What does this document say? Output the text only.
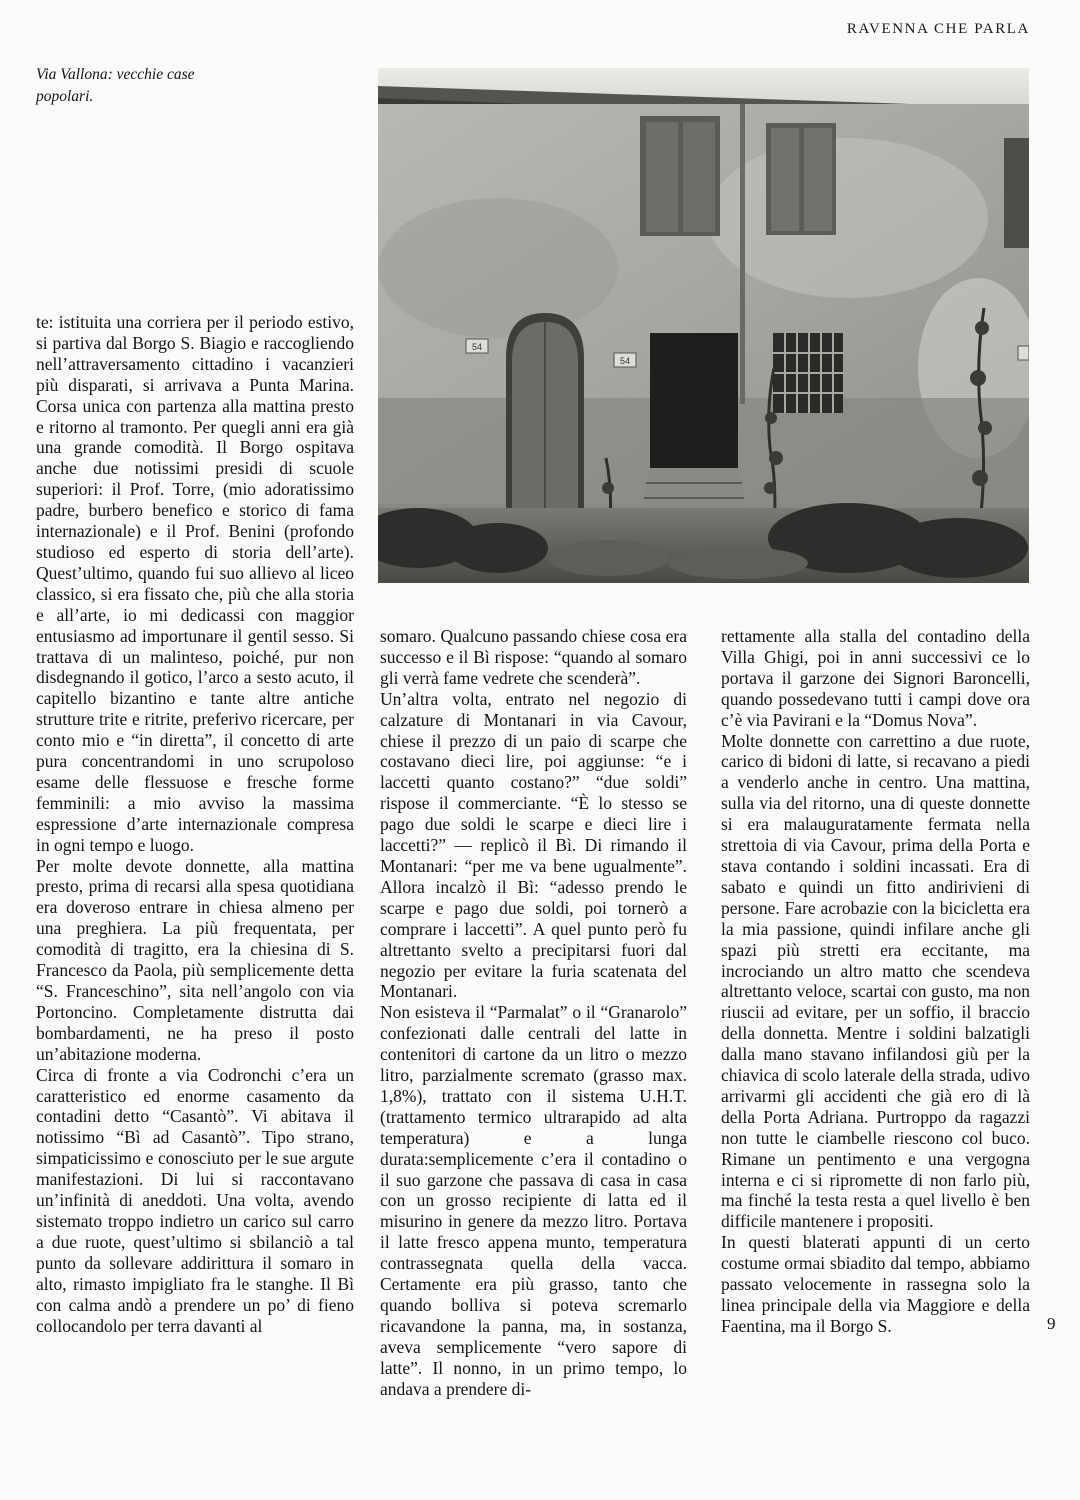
RAVENNA CHE PARLA
Via Vallona: vecchie case
popolari.
54
54

te: istituita una corriera per il periodo estivo, si partiva dal Borgo S. Biagio e raccogliendo nell’attraversamento cittadino i vacanzieri più disparati, si arrivava a Punta Marina. Corsa unica con partenza alla mattina presto e ritorno al tramonto. Per quegli anni era già una grande comodità. Il Borgo ospitava anche due notissimi presidi di scuole superiori: il Prof. Torre, (mio adoratissimo padre, burbero benefico e storico di fama internazionale) e il Prof. Benini (profondo studioso ed esperto di storia dell’arte). Quest’ultimo, quando fui suo allievo al liceo classico, si era fissato che, più che alla storia e all’arte, io mi dedicassi con maggior entusiasmo ad importunare il gentil sesso. Si trattava di un malinteso, poiché, pur non disdegnando il gotico, l’arco a sesto acuto, il capitello bizantino e tante altre antiche strutture trite e ritrite, preferivo ricercare, per conto mio e “in diretta”, il concetto di arte pura concentrandomi in uno scrupoloso esame delle flessuose e fresche forme femminili: a mio avviso la massima espressione d’arte internazionale compresa in ogni tempo e luogo.

Per molte devote donnette, alla mattina presto, prima di recarsi alla spesa quotidiana era doveroso entrare in chiesa almeno per una preghiera. La più frequentata, per comodità di tragitto, era la chiesina di S. Francesco da Paola, più semplicemente detta “S. Franceschino”, sita nell’angolo con via Portoncino. Completamente distrutta dai bombardamenti, ne ha preso il posto un’abitazione moderna.

Circa di fronte a via Codronchi c’era un caratteristico ed enorme casamento da contadini detto “Casantò”. Vi abitava il notissimo “Bì ad Casantò”. Tipo strano, simpaticissimo e conosciuto per le sue argute manifestazioni. Di lui si raccontavano un’infinità di aneddoti. Una volta, avendo sistemato troppo indietro un carico sul carro a due ruote, quest’ultimo si sbilanciò a tal punto da sollevare addirittura il somaro in alto, rimasto impigliato fra le stanghe. Il Bì con calma andò a prendere un po’ di fieno collocandolo per terra davanti al

somaro. Qualcuno passando chiese cosa era successo e il Bì rispose: “quando al somaro gli verrà fame vedrete che scenderà”.

Un’altra volta, entrato nel negozio di calzature di Montanari in via Cavour, chiese il prezzo di un paio di scarpe che costavano dieci lire, poi aggiunse: “e i laccetti quanto costano?” “due soldi” rispose il commerciante. “È lo stesso se pago due soldi le scarpe e dieci lire i laccetti?” — replicò il Bì. Di rimando il Montanari: “per me va bene ugualmente”. Allora incalzò il Bì: “adesso prendo le scarpe e pago due soldi, poi tornerò a comprare i laccetti”. A quel punto però fu altrettanto svelto a precipitarsi fuori dal negozio per evitare la furia scatenata del Montanari.

Non esisteva il “Parmalat” o il “Granarolo” confezionati dalle centrali del latte in contenitori di cartone da un litro o mezzo litro, parzialmente scremato (grasso max. 1,8%), trattato con il sistema U.H.T. (trattamento termico ultrarapido ad alta temperatura) e a lunga durata:semplicemente c’era il contadino o il suo garzone che passava di casa in casa con un grosso recipiente di latta ed il misurino in genere da mezzo litro. Portava il latte fresco appena munto, temperatura contrassegnata quella della vacca. Certamente era più grasso, tanto che quando bolliva si poteva scremarlo ricavandone la panna, ma, in sostanza, aveva semplicemente “vero sapore di latte”. Il nonno, in un primo tempo, lo andava a prendere di-

rettamente alla stalla del contadino della Villa Ghigi, poi in anni successivi ce lo portava il garzone dei Signori Baroncelli, quando possedevano tutti i campi dove ora c’è via Pavirani e la “Domus Nova”.

Molte donnette con carrettino a due ruote, carico di bidoni di latte, si recavano a piedi a venderlo anche in centro. Una mattina, sulla via del ritorno, una di queste donnette si era malauguratamente fermata nella strettoia di via Cavour, prima della Porta e stava contando i soldini incassati. Era di sabato e quindi un fitto andirivieni di persone. Fare acrobazie con la bicicletta era la mia passione, quindi infilare anche gli spazi più stretti era eccitante, ma incrociando un altro matto che scendeva altrettanto veloce, scartai con gusto, ma non riuscii ad evitare, per un soffio, il braccio della donnetta. Mentre i soldini balzatigli dalla mano stavano infilandosi giù per la chiavica di scolo laterale della strada, udivo arrivarmi gli accidenti che già ero di là della Porta Adriana. Purtroppo da ragazzi non tutte le ciambelle riescono col buco. Rimane un pentimento e una vergogna interna e ci si ripromette di non farlo più, ma finché la testa resta a quel livello è ben difficile mantenere i propositi.

In questi blaterati appunti di un certo costume ormai sbiadito dal tempo, abbiamo passato velocemente in rassegna solo la linea principale della via Maggiore e della Faentina, ma il Borgo S.	9
